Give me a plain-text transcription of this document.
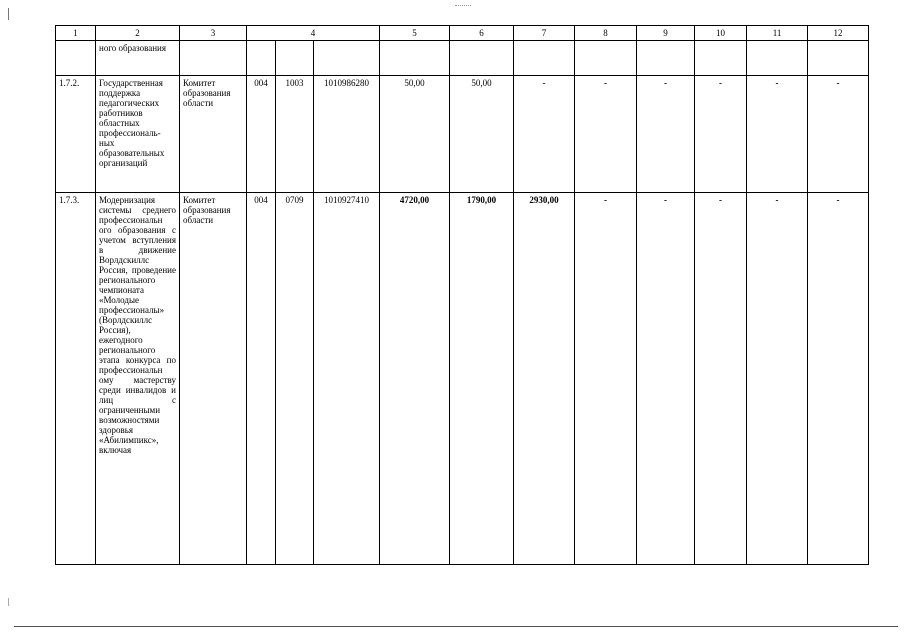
1	2	3	4			5	6	7	8	9	10	11	12
	ного образования												
1.7.2.	Государственная поддержка педагогических работников областных профессиональ-ных образовательных организаций	Комитет образования области	004	1003	1010986280	50,00	50,00	-	-	-	-	-	-
1.7.3.	Модернизация системы среднего профессиональн ого образования с учетом вступления в движение Ворлдскиллс Россия, проведение регионального чемпионата «Молодые профессионалы» (Ворлдскиллс Россия), ежегодного регионального этапа конкурса по профессиональн ому мастерству среди инвалидов и лиц с ограниченными возможностями здоровья «Абилимпикс», включая	Комитет образования области	004	0709	1010927410	4720,00	1790,00	2930,00	-	-	-	-	-
